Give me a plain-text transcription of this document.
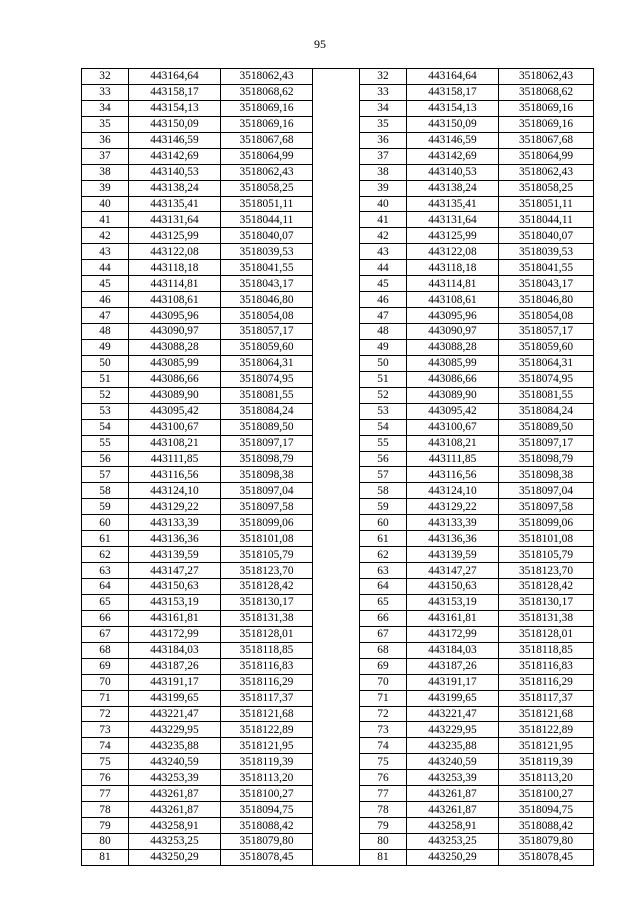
95
32	443164,64	3518062,43		32	443164,64	3518062,43
33	443158,17	3518068,62		33	443158,17	3518068,62
34	443154,13	3518069,16		34	443154,13	3518069,16
35	443150,09	3518069,16		35	443150,09	3518069,16
36	443146,59	3518067,68		36	443146,59	3518067,68
37	443142,69	3518064,99		37	443142,69	3518064,99
38	443140,53	3518062,43		38	443140,53	3518062,43
39	443138,24	3518058,25		39	443138,24	3518058,25
40	443135,41	3518051,11		40	443135,41	3518051,11
41	443131,64	3518044,11		41	443131,64	3518044,11
42	443125,99	3518040,07		42	443125,99	3518040,07
43	443122,08	3518039,53		43	443122,08	3518039,53
44	443118,18	3518041,55		44	443118,18	3518041,55
45	443114,81	3518043,17		45	443114,81	3518043,17
46	443108,61	3518046,80		46	443108,61	3518046,80
47	443095,96	3518054,08		47	443095,96	3518054,08
48	443090,97	3518057,17		48	443090,97	3518057,17
49	443088,28	3518059,60		49	443088,28	3518059,60
50	443085,99	3518064,31		50	443085,99	3518064,31
51	443086,66	3518074,95		51	443086,66	3518074,95
52	443089,90	3518081,55		52	443089,90	3518081,55
53	443095,42	3518084,24		53	443095,42	3518084,24
54	443100,67	3518089,50		54	443100,67	3518089,50
55	443108,21	3518097,17		55	443108,21	3518097,17
56	443111,85	3518098,79		56	443111,85	3518098,79
57	443116,56	3518098,38		57	443116,56	3518098,38
58	443124,10	3518097,04		58	443124,10	3518097,04
59	443129,22	3518097,58		59	443129,22	3518097,58
60	443133,39	3518099,06		60	443133,39	3518099,06
61	443136,36	3518101,08		61	443136,36	3518101,08
62	443139,59	3518105,79		62	443139,59	3518105,79
63	443147,27	3518123,70		63	443147,27	3518123,70
64	443150,63	3518128,42		64	443150,63	3518128,42
65	443153,19	3518130,17		65	443153,19	3518130,17
66	443161,81	3518131,38		66	443161,81	3518131,38
67	443172,99	3518128,01		67	443172,99	3518128,01
68	443184,03	3518118,85		68	443184,03	3518118,85
69	443187,26	3518116,83		69	443187,26	3518116,83
70	443191,17	3518116,29		70	443191,17	3518116,29
71	443199,65	3518117,37		71	443199,65	3518117,37
72	443221,47	3518121,68		72	443221,47	3518121,68
73	443229,95	3518122,89		73	443229,95	3518122,89
74	443235,88	3518121,95		74	443235,88	3518121,95
75	443240,59	3518119,39		75	443240,59	3518119,39
76	443253,39	3518113,20		76	443253,39	3518113,20
77	443261,87	3518100,27		77	443261,87	3518100,27
78	443261,87	3518094,75		78	443261,87	3518094,75
79	443258,91	3518088,42		79	443258,91	3518088,42
80	443253,25	3518079,80		80	443253,25	3518079,80
81	443250,29	3518078,45		81	443250,29	3518078,45
